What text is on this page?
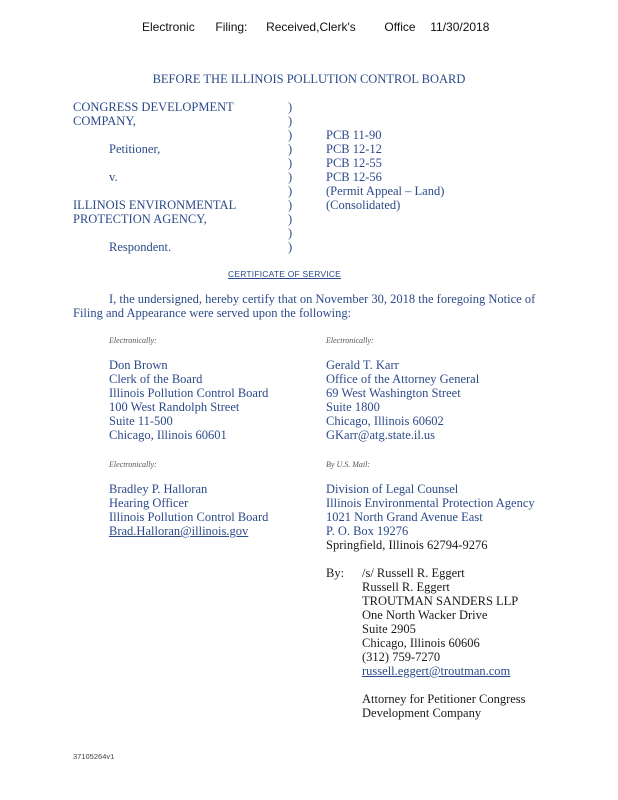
Electronic Filing: Received,Clerk's Office 11/30/2018
BEFORE THE ILLINOIS POLLUTION CONTROL BOARD
CONGRESS DEVELOPMENT
COMPANY,
Petitioner,
v.
ILLINOIS ENVIRONMENTAL
PROTECTION AGENCY,
Respondent.
)
)
)
)
)
)
)
)
)
)
)
PCB 11-90
PCB 12-12
PCB 12-55
PCB 12-56
(Permit Appeal – Land)
(Consolidated)
CERTIFICATE OF SERVICE
I, the undersigned, hereby certify that on November 30, 2018 the foregoing Notice of
Filing and Appearance were served upon the following:
Electronically:
Don Brown
Clerk of the Board
Illinois Pollution Control Board
100 West Randolph Street
Suite 11-500
Chicago, Illinois 60601
Electronically:
Gerald T. Karr
Office of the Attorney General
69 West Washington Street
Suite 1800
Chicago, Illinois 60602
GKarr@atg.state.il.us
Electronically:
Bradley P. Halloran
Hearing Officer
Illinois Pollution Control Board
Brad.Halloran@illinois.gov
By U.S. Mail:
Division of Legal Counsel
Illinois Environmental Protection Agency
1021 North Grand Avenue East
P. O. Box 19276
Springfield, Illinois 62794-9276
By: /s/ Russell R. Eggert
Russell R. Eggert
TROUTMAN SANDERS LLP
One North Wacker Drive
Suite 2905
Chicago, Illinois 60606
(312) 759-7270
russell.eggert@troutman.com
Attorney for Petitioner Congress
Development Company
37105264v1
